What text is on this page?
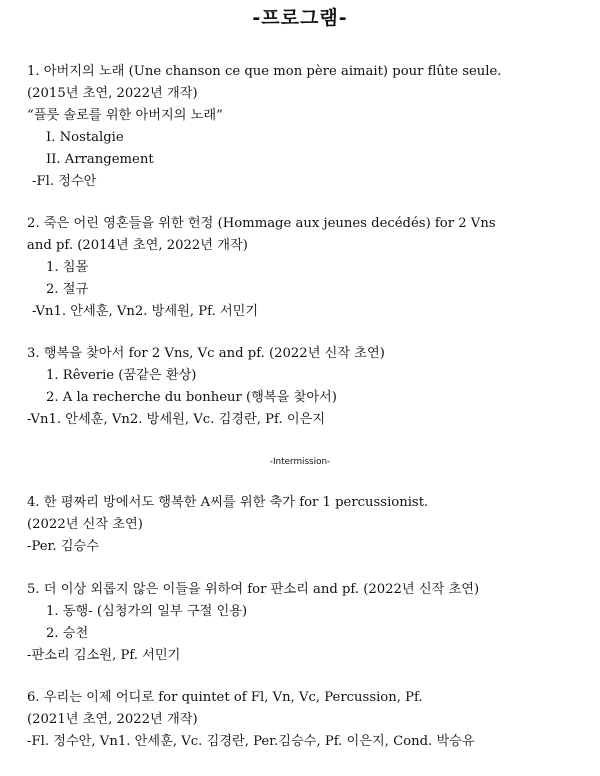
-프로그램-
1. 아버지의 노래 (Une chanson ce que mon père aimait) pour flûte seule.
(2015년 초연, 2022년 개작)
“플룻 솔로를 위한 아버지의 노래”
I. Nostalgie
II. Arrangement
-Fl. 정수안
2. 죽은 어린 영혼들을 위한 헌정 (Hommage aux jeunes decédés) for 2 Vns
and pf. (2014년 초연, 2022년 개작)
1. 침몰
2. 절규
-Vn1. 안세훈, Vn2. 방세원, Pf. 서민기
3. 행복을 찾아서 for 2 Vns, Vc and pf. (2022년 신작 초연)
1. Rêverie (꿈같은 환상)
2. A la recherche du bonheur (행복을 찾아서)
-Vn1. 안세훈, Vn2. 방세원, Vc. 김경란, Pf. 이은지
-Intermission-
4. 한 평짜리 방에서도 행복한 A씨를 위한 축가 for 1 percussionist.
(2022년 신작 초연)
-Per. 김승수
5. 더 이상 외롭지 않은 이들을 위하여 for 판소리 and pf. (2022년 신작 초연)
1. 동행- (심청가의 일부 구절 인용)
2. 승천
-판소리 김소원, Pf. 서민기
6. 우리는 이제 어디로 for quintet of Fl, Vn, Vc, Percussion, Pf.
(2021년 초연, 2022년 개작)
-Fl. 정수안, Vn1. 안세훈, Vc. 김경란, Per.김승수, Pf. 이은지, Cond. 박승유
